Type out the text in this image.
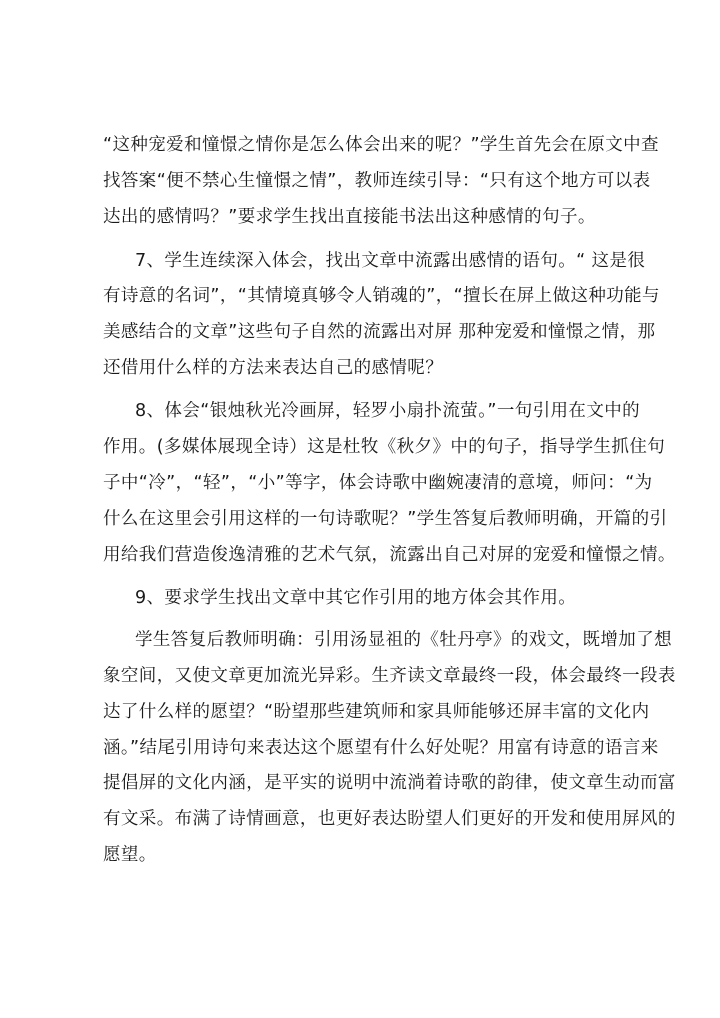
“这种宠爱和憧憬之情你是怎么体会出来的呢？”学生首先会在原文中查
找答案“便不禁心生憧憬之情”，教师连续引导：“只有这个地方可以表
达出的感情吗？”要求学生找出直接能书法出这种感情的句子。
7、学生连续深入体会，找出文章中流露出感情的语句。“ 这是很
有诗意的名词”，“其情境真够令人销魂的”，“擅长在屏上做这种功能与
美感结合的文章”这些句子自然的流露出对屏 那种宠爱和憧憬之情，那
还借用什么样的方法来表达自己的感情呢？
8、体会“银烛秋光冷画屏，轻罗小扇扑流萤。”一句引用在文中的
作用。(多媒体展现全诗）这是杜牧《秋夕》中的句子，指导学生抓住句
子中“冷”，“轻”，“小”等字，体会诗歌中幽婉凄清的意境，师问：“为
什么在这里会引用这样的一句诗歌呢？”学生答复后教师明确，开篇的引
用给我们营造俊逸清雅的艺术气氛，流露出自己对屏的宠爱和憧憬之情。
9、要求学生找出文章中其它作引用的地方体会其作用。
学生答复后教师明确：引用汤显祖的《牡丹亭》的戏文，既增加了想
象空间，又使文章更加流光异彩。生齐读文章最终一段，体会最终一段表
达了什么样的愿望？“盼望那些建筑师和家具师能够还屏丰富的文化内
涵。”结尾引用诗句来表达这个愿望有什么好处呢？用富有诗意的语言来
提倡屏的文化内涵，是平实的说明中流淌着诗歌的韵律，使文章生动而富
有文采。布满了诗情画意，也更好表达盼望人们更好的开发和使用屏风的
愿望。
